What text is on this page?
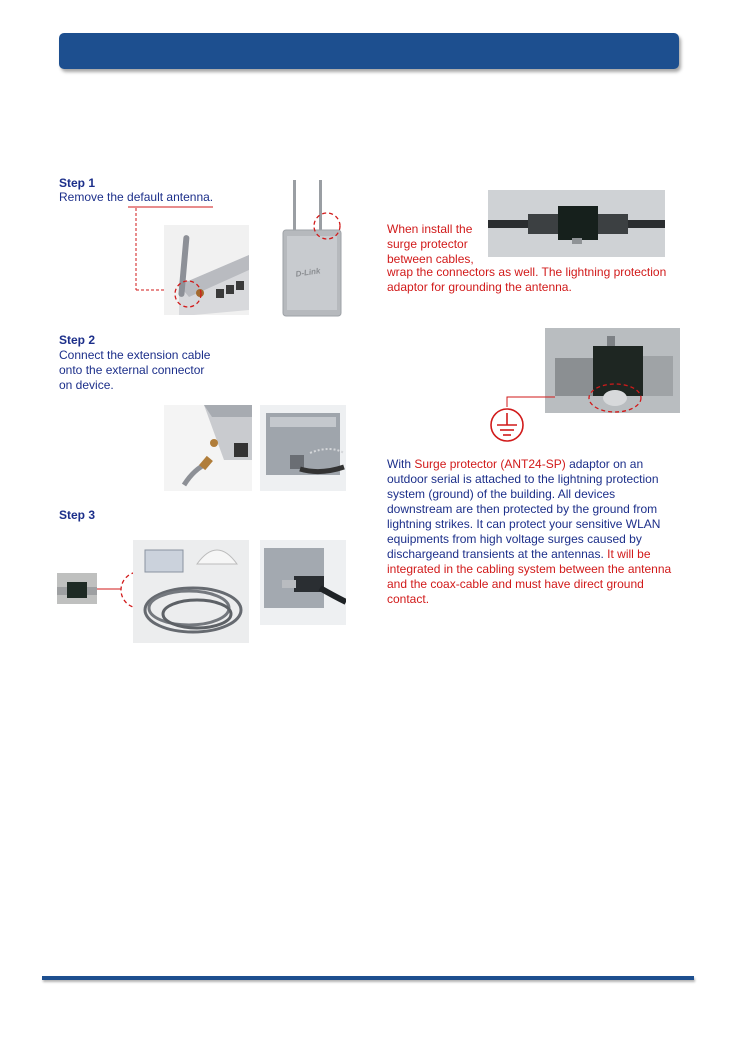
Step 1
Remove the default antenna.
D-Link
Step 2
Connect the extension cable
onto the external connector
on device.
Step 3
When install the
surge protector
between cables,
wrap the connectors as well. The lightning protection
adaptor for grounding the antenna.
With Surge protector (ANT24-SP) adaptor on an
outdoor serial is attached to the lightning protection
system (ground) of the building. All devices
downstream are then protected by the ground from
lightning strikes. It can protect your sensitive WLAN
equipments from high voltage surges caused by
dischargeand transients at the antennas. It will be
integrated in the cabling system between the antenna
and the coax-cable and must have direct ground
contact.
